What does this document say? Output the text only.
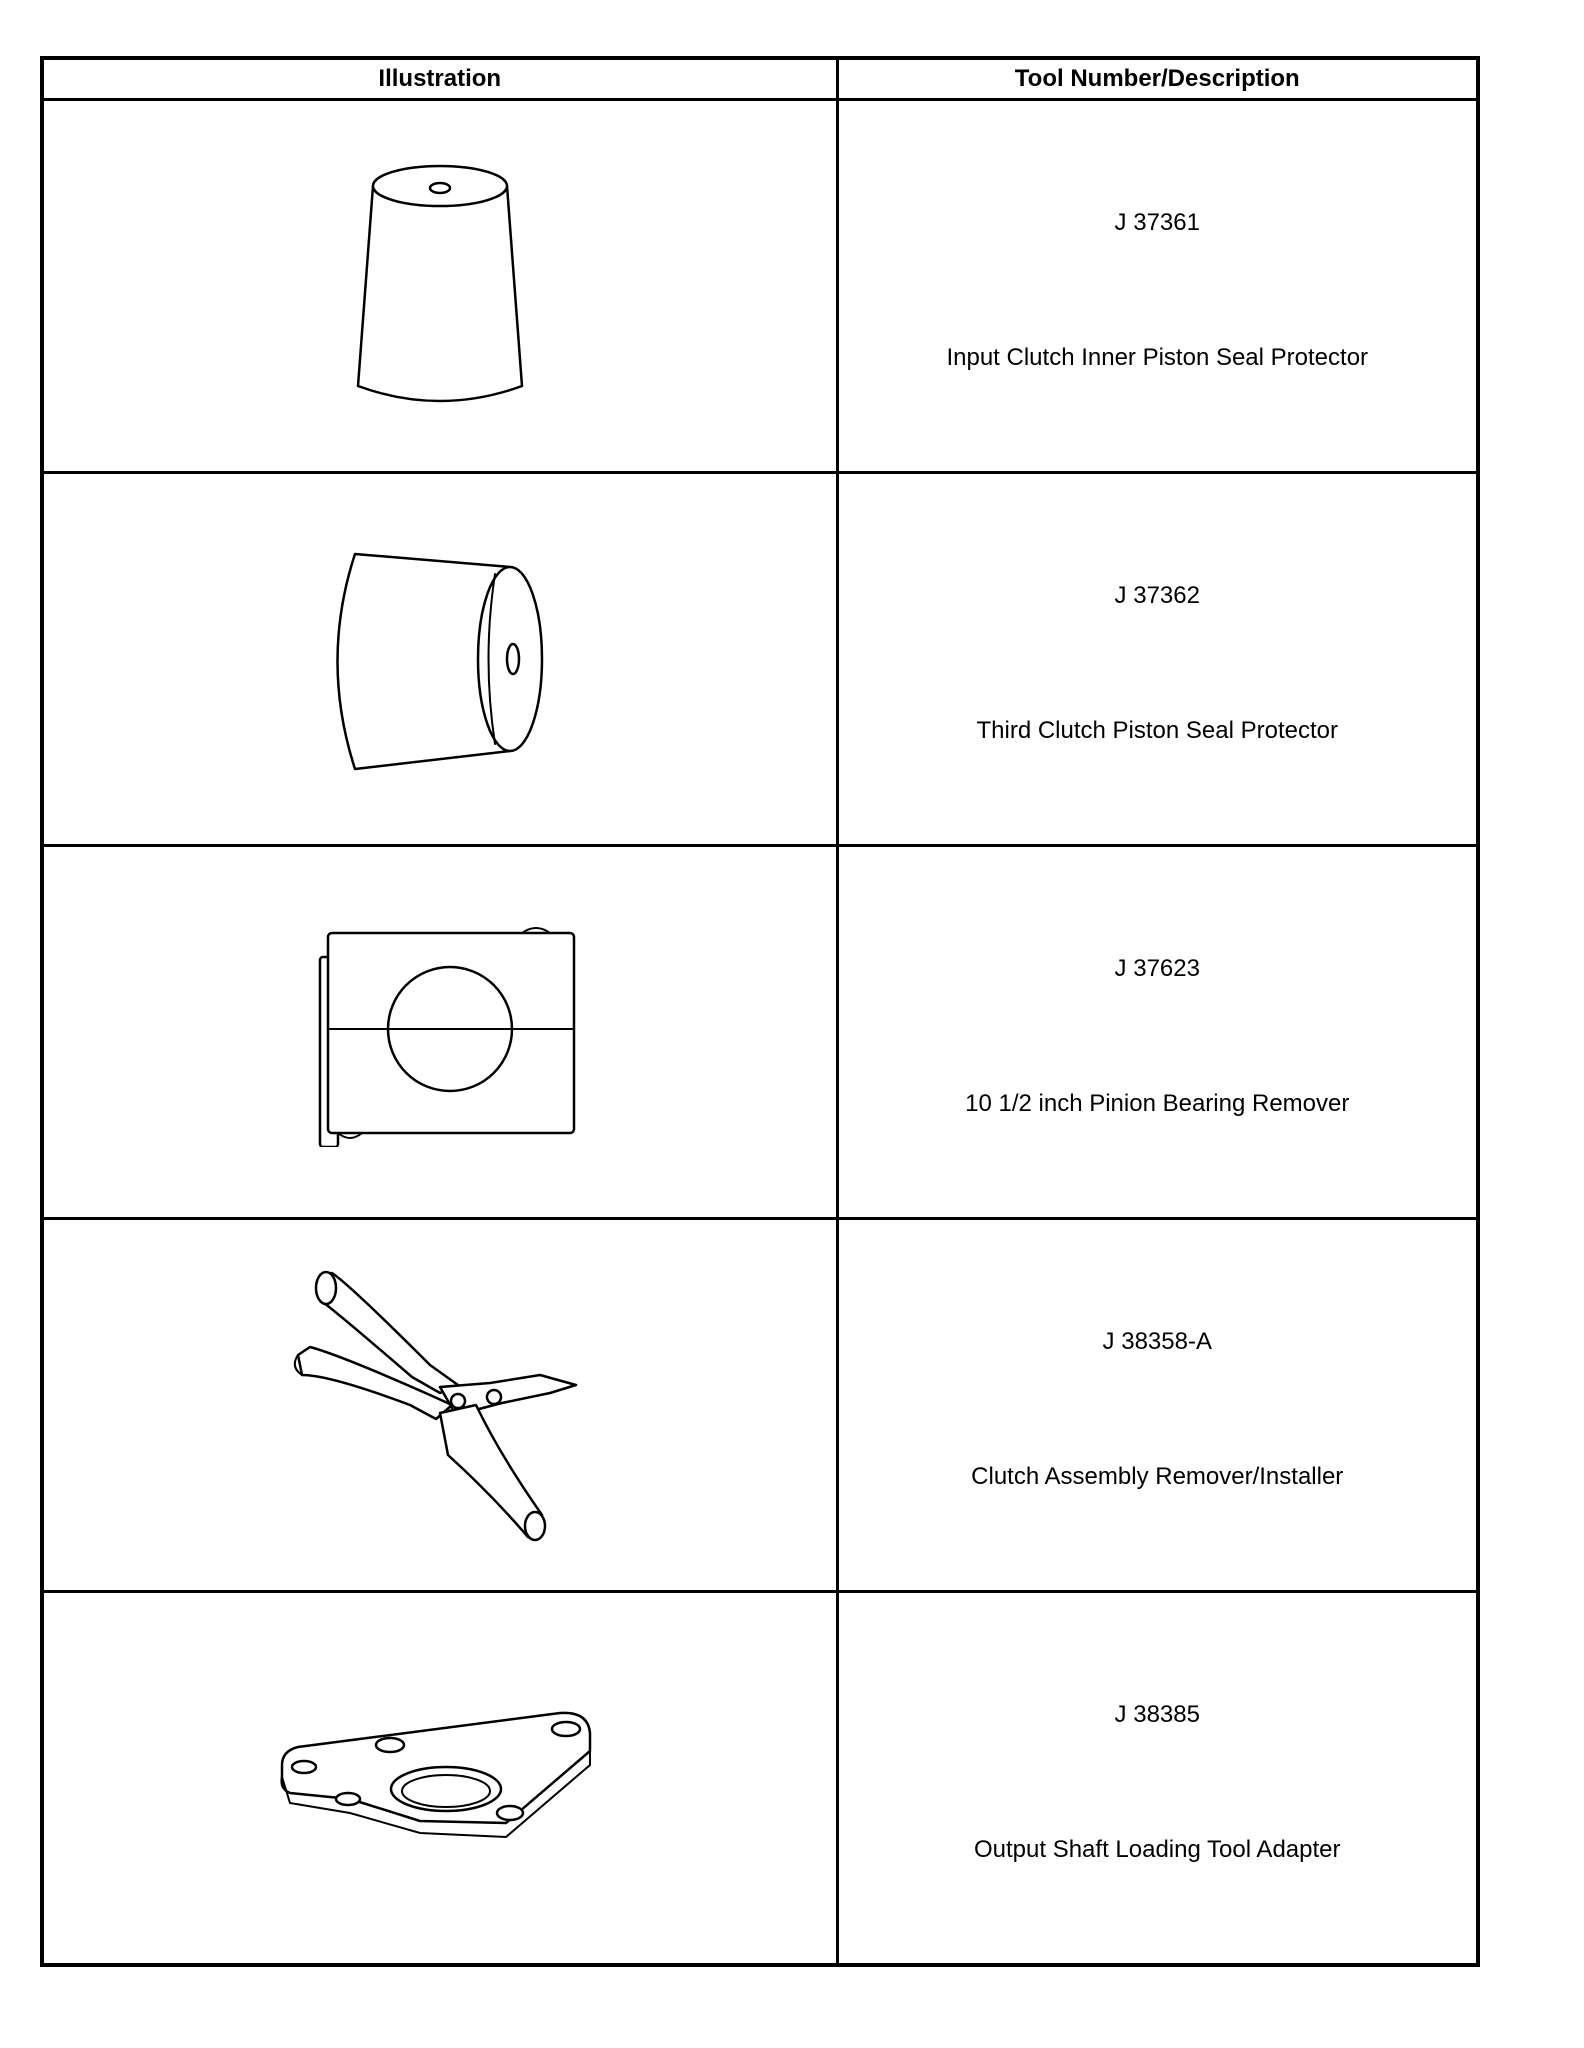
Illustration	Tool Number/Description

J 37361
Input Clutch Inner Piston Seal Protector

J 37362
Third Clutch Piston Seal Protector

J 37623
10 1/2 inch Pinion Bearing Remover

J 38358-A
Clutch Assembly Remover/Installer

J 38385
Output Shaft Loading Tool Adapter
